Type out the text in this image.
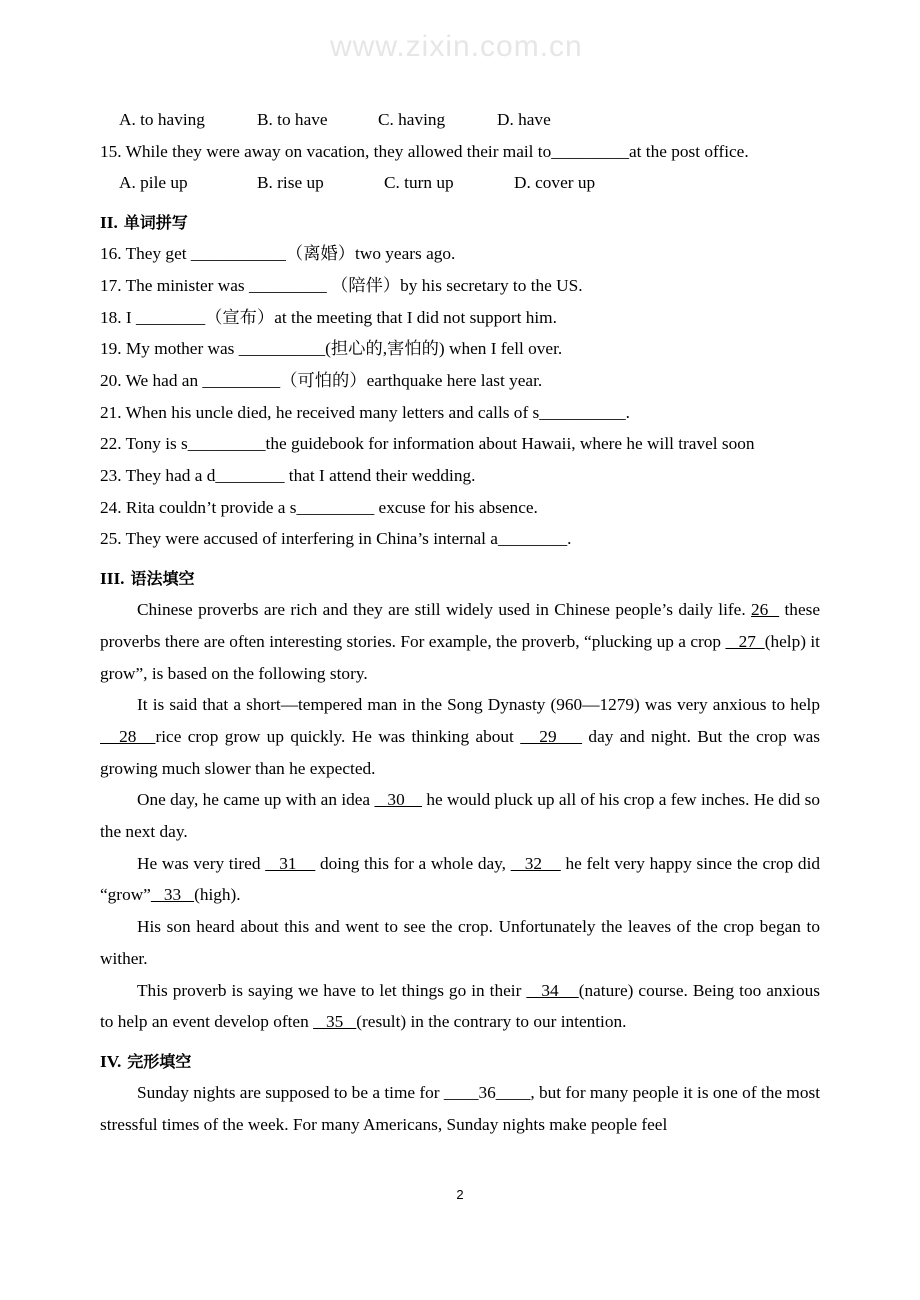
www.zixin.com.cn
A. to having	B. to have	C. having	D. have
15. While they were away on vacation, they allowed their mail to_________at the post office.
A. pile up	B. rise up	C. turn up	D. cover up
II. 单词拼写
16. They get ___________（离婚）two years ago.
17. The minister was _________ （陪伴）by his secretary to the US.
18. I ________（宣布）at the meeting that I did not support him.
19. My mother was __________(担心的,害怕的) when I fell over.
20. We had an _________（可怕的）earthquake here last year.
21. When his uncle died, he received many letters and calls of s__________.
22. Tony is s_________the guidebook for information about Hawaii, where he will travel soon
23. They had a d________ that I attend their wedding.
24. Rita couldn’t provide a s_________ excuse for his absence.
25. They were accused of interfering in China’s internal a________.
III. 语法填空

Chinese proverbs are rich and they are still widely used in Chinese people’s daily life. 26   these proverbs there are often interesting stories. For example, the proverb, “plucking up a crop    27  (help) it grow”, is based on the following story.

It is said that a short—tempered man in the Song Dynasty (960—1279) was very anxious to help    28   rice crop grow up quickly. He was thinking about    29     day and night. But the crop was growing much slower than he expected.

One day, he came up with an idea    30     he would pluck up all of his crop a few inches. He did so the next day.

He was very tired    31     doing this for a whole day,    32     he felt very happy since the crop did “grow”   33   (high).

His son heard about this and went to see the crop. Unfortunately the leaves of the crop began to wither.

This proverb is saying we have to let things go in their    34    (nature) course. Being too anxious to help an event develop often    35   (result) in the contrary to our intention.

IV. 完形填空

Sunday nights are supposed to be a time for ____36____, but for many people it is one of the most stressful times of the week. For many Americans, Sunday nights make people feel

2
